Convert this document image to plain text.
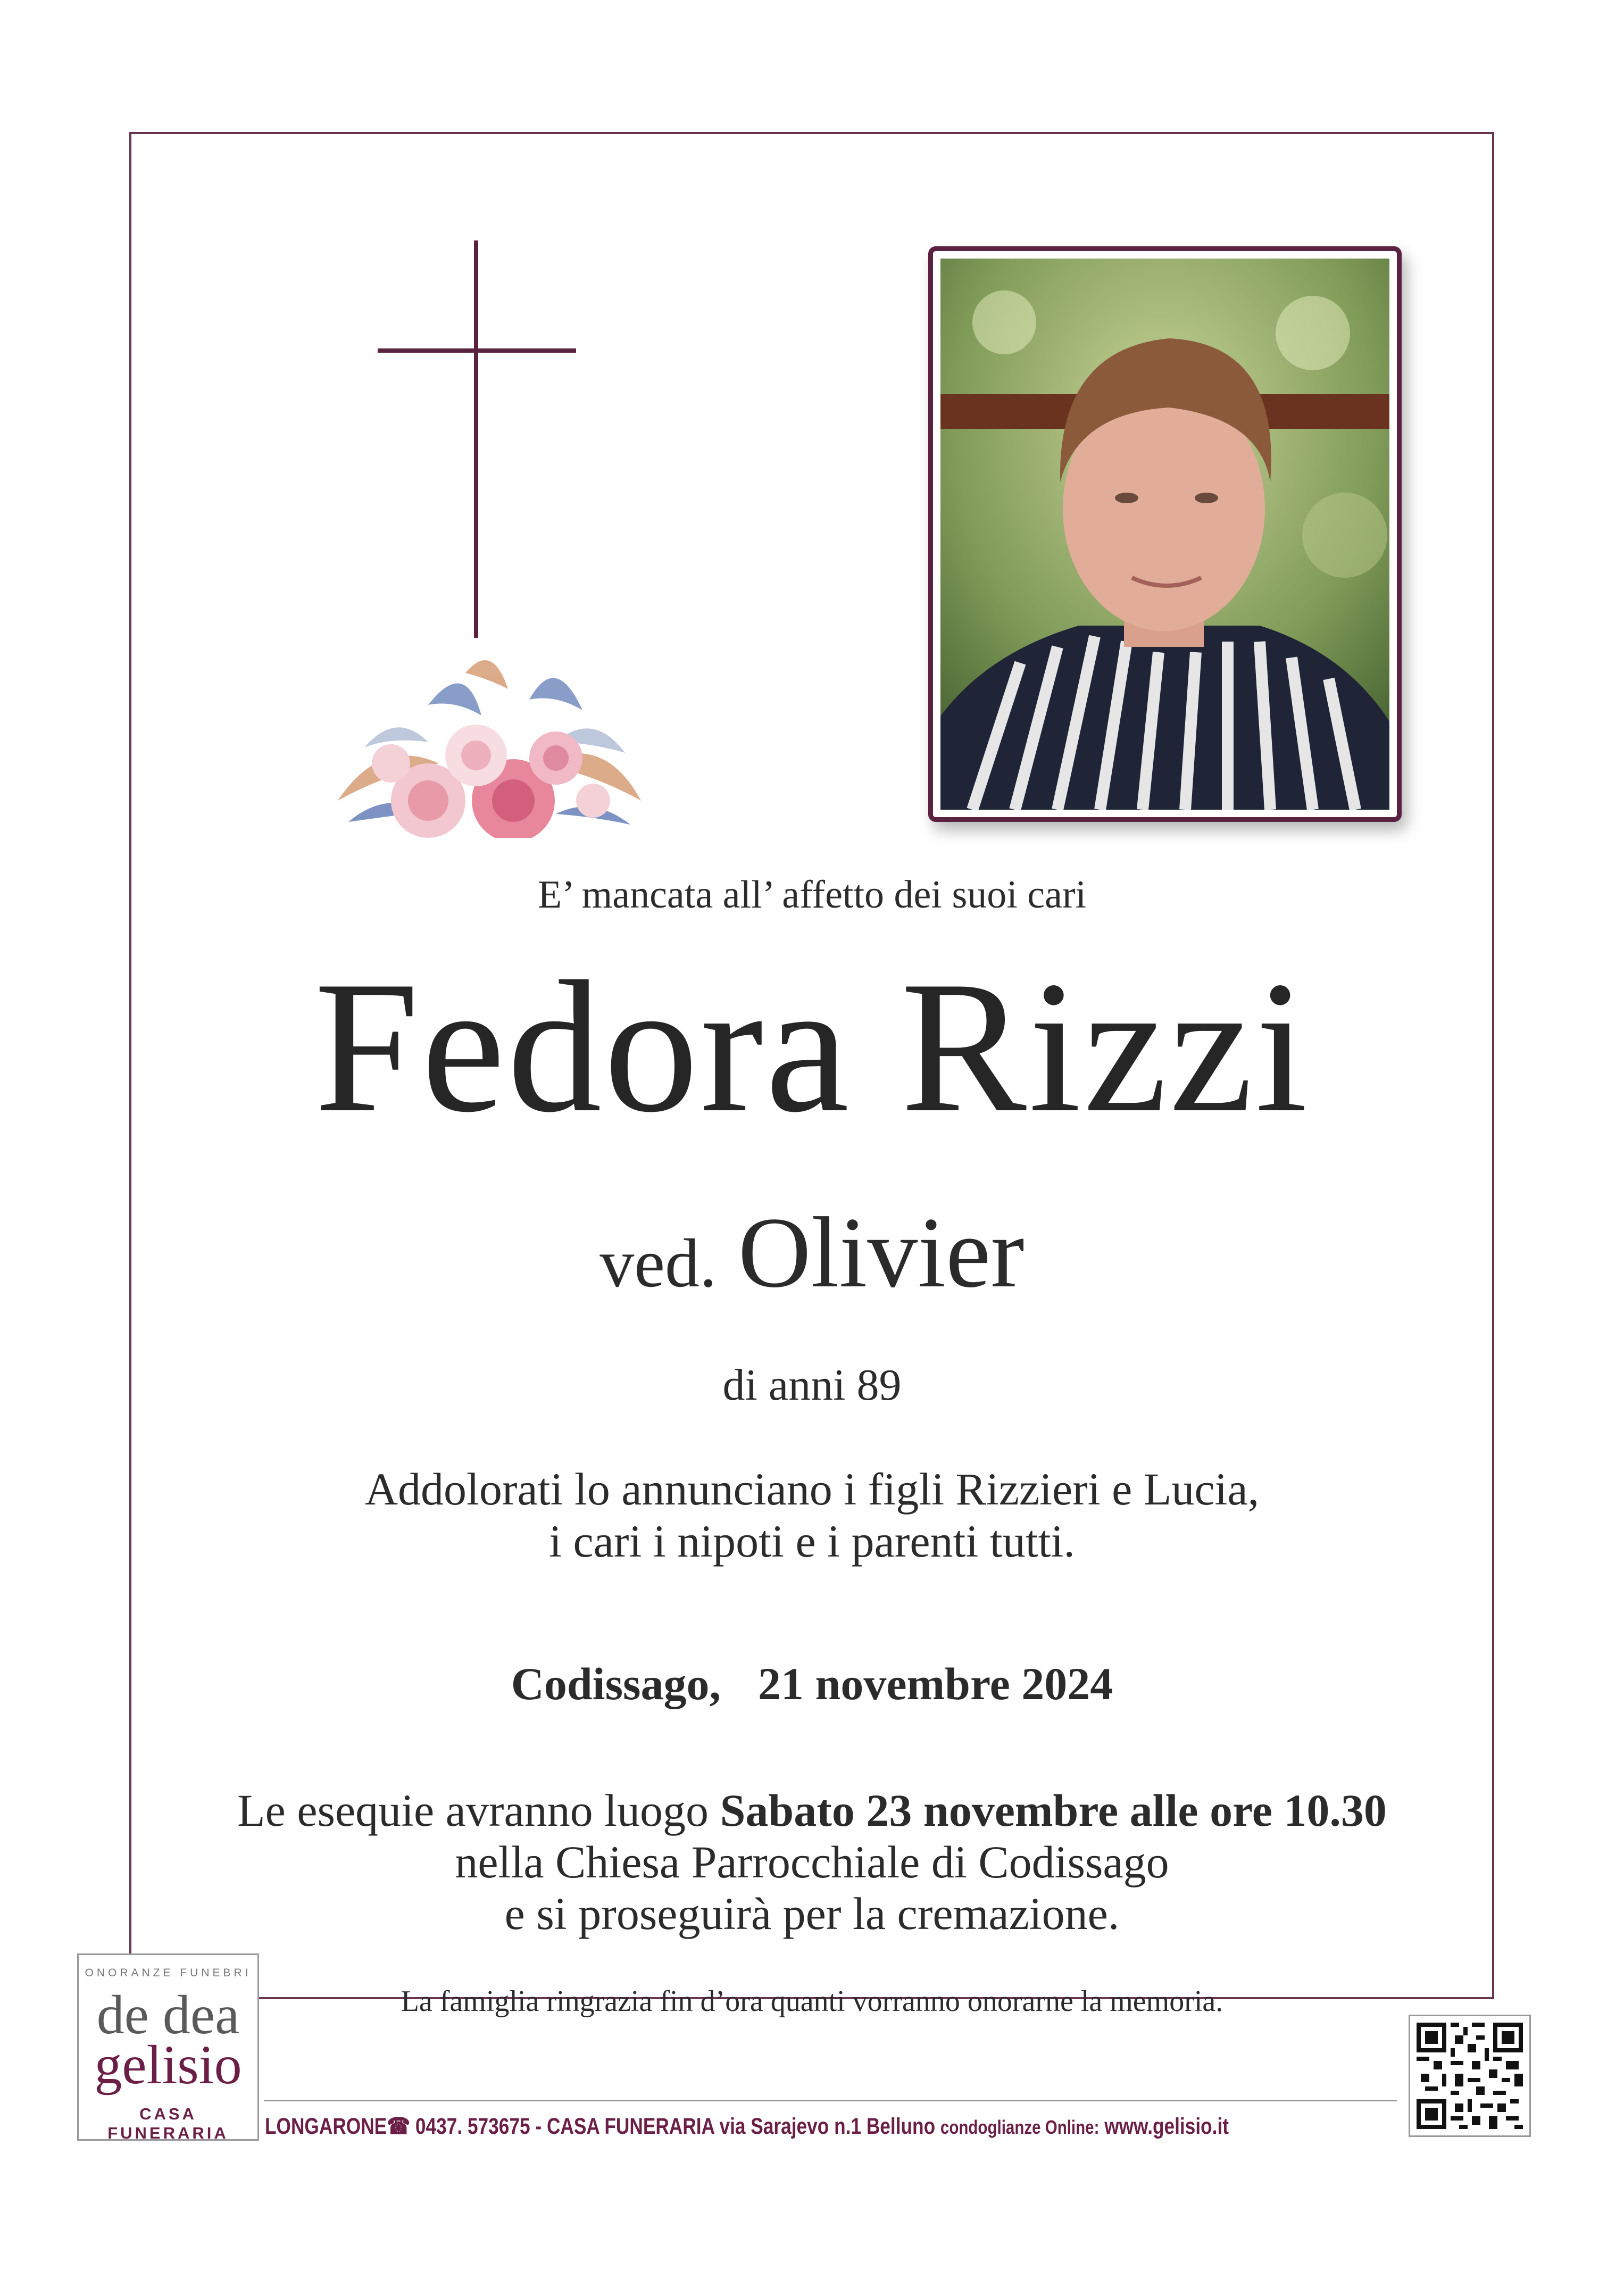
E’ mancata all’ affetto dei suoi cari
Fedora Rizzi
ved. Olivier
di anni 89
Addolorati lo annunciano i figli Rizzieri e Lucia,
i cari i nipoti e i parenti tutti.
Codissago, 21 novembre 2024
Le esequie avranno luogo Sabato 23 novembre alle ore 10.30
nella Chiesa Parrocchiale di Codissago
e si proseguirà per la cremazione.
La famiglia ringrazia fin d’ora quanti vorranno onorarne la memoria.
ONORANZE FUNEBRI
de dea
gelisio
CASA FUNERARIA	LONGARONE☎ 0437. 573675 - CASA FUNERARIA via Sarajevo n.1 Belluno condoglianze Online: www.gelisio.it
